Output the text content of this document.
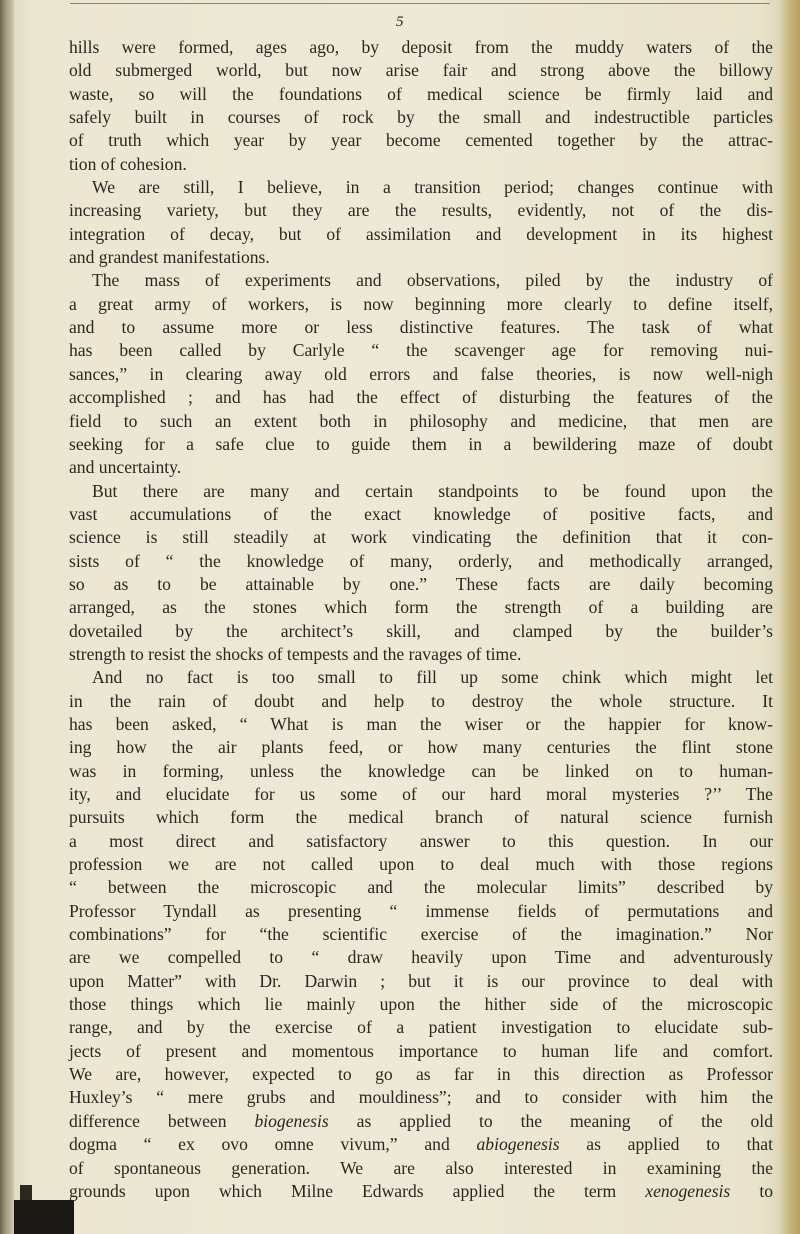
5
hills were formed, ages ago, by deposit from the muddy waters of the
old submerged world, but now arise fair and strong above the billowy
waste, so will the foundations of medical science be firmly laid and
safely built in courses of rock by the small and indestructible particles
of truth which year by year become cemented together by the attrac-
tion of cohesion.
We are still, I believe, in a transition period; changes continue with
increasing variety, but they are the results, evidently, not of the dis-
integration of decay, but of assimilation and development in its highest
and grandest manifestations.
The mass of experiments and observations, piled by the industry of
a great army of workers, is now beginning more clearly to define itself,
and to assume more or less distinctive features. The task of what
has been called by Carlyle “ the scavenger age for removing nui-
sances,” in clearing away old errors and false theories, is now well-nigh
accomplished ; and has had the effect of disturbing the features of the
field to such an extent both in philosophy and medicine, that men are
seeking for a safe clue to guide them in a bewildering maze of doubt
and uncertainty.
But there are many and certain standpoints to be found upon the
vast accumulations of the exact knowledge of positive facts, and
science is still steadily at work vindicating the definition that it con-
sists of “ the knowledge of many, orderly, and methodically arranged,
so as to be attainable by one.” These facts are daily becoming
arranged, as the stones which form the strength of a building are
dovetailed by the architect’s skill, and clamped by the builder’s
strength to resist the shocks of tempests and the ravages of time.
And no fact is too small to fill up some chink which might let
in the rain of doubt and help to destroy the whole structure. It
has been asked, “ What is man the wiser or the happier for know-
ing how the air plants feed, or how many centuries the flint stone
was in forming, unless the knowledge can be linked on to human-
ity, and elucidate for us some of our hard moral mysteries ?’’ The
pursuits which form the medical branch of natural science furnish
a most direct and satisfactory answer to this question. In our
profession we are not called upon to deal much with those regions
“ between the microscopic and the molecular limits” described by
Professor Tyndall as presenting “ immense fields of permutations and
combinations” for “the scientific exercise of the imagination.” Nor
are we compelled to “ draw heavily upon Time and adventurously
upon Matter” with Dr. Darwin ; but it is our province to deal with
those things which lie mainly upon the hither side of the microscopic
range, and by the exercise of a patient investigation to elucidate sub-
jects of present and momentous importance to human life and comfort.
We are, however, expected to go as far in this direction as Professor
Huxley’s “ mere grubs and mouldiness”; and to consider with him the
difference between biogenesis as applied to the meaning of the old
dogma “ ex ovo omne vivum,” and abiogenesis as applied to that
of spontaneous generation. We are also interested in examining the
grounds upon which Milne Edwards applied the term xenogenesis to
